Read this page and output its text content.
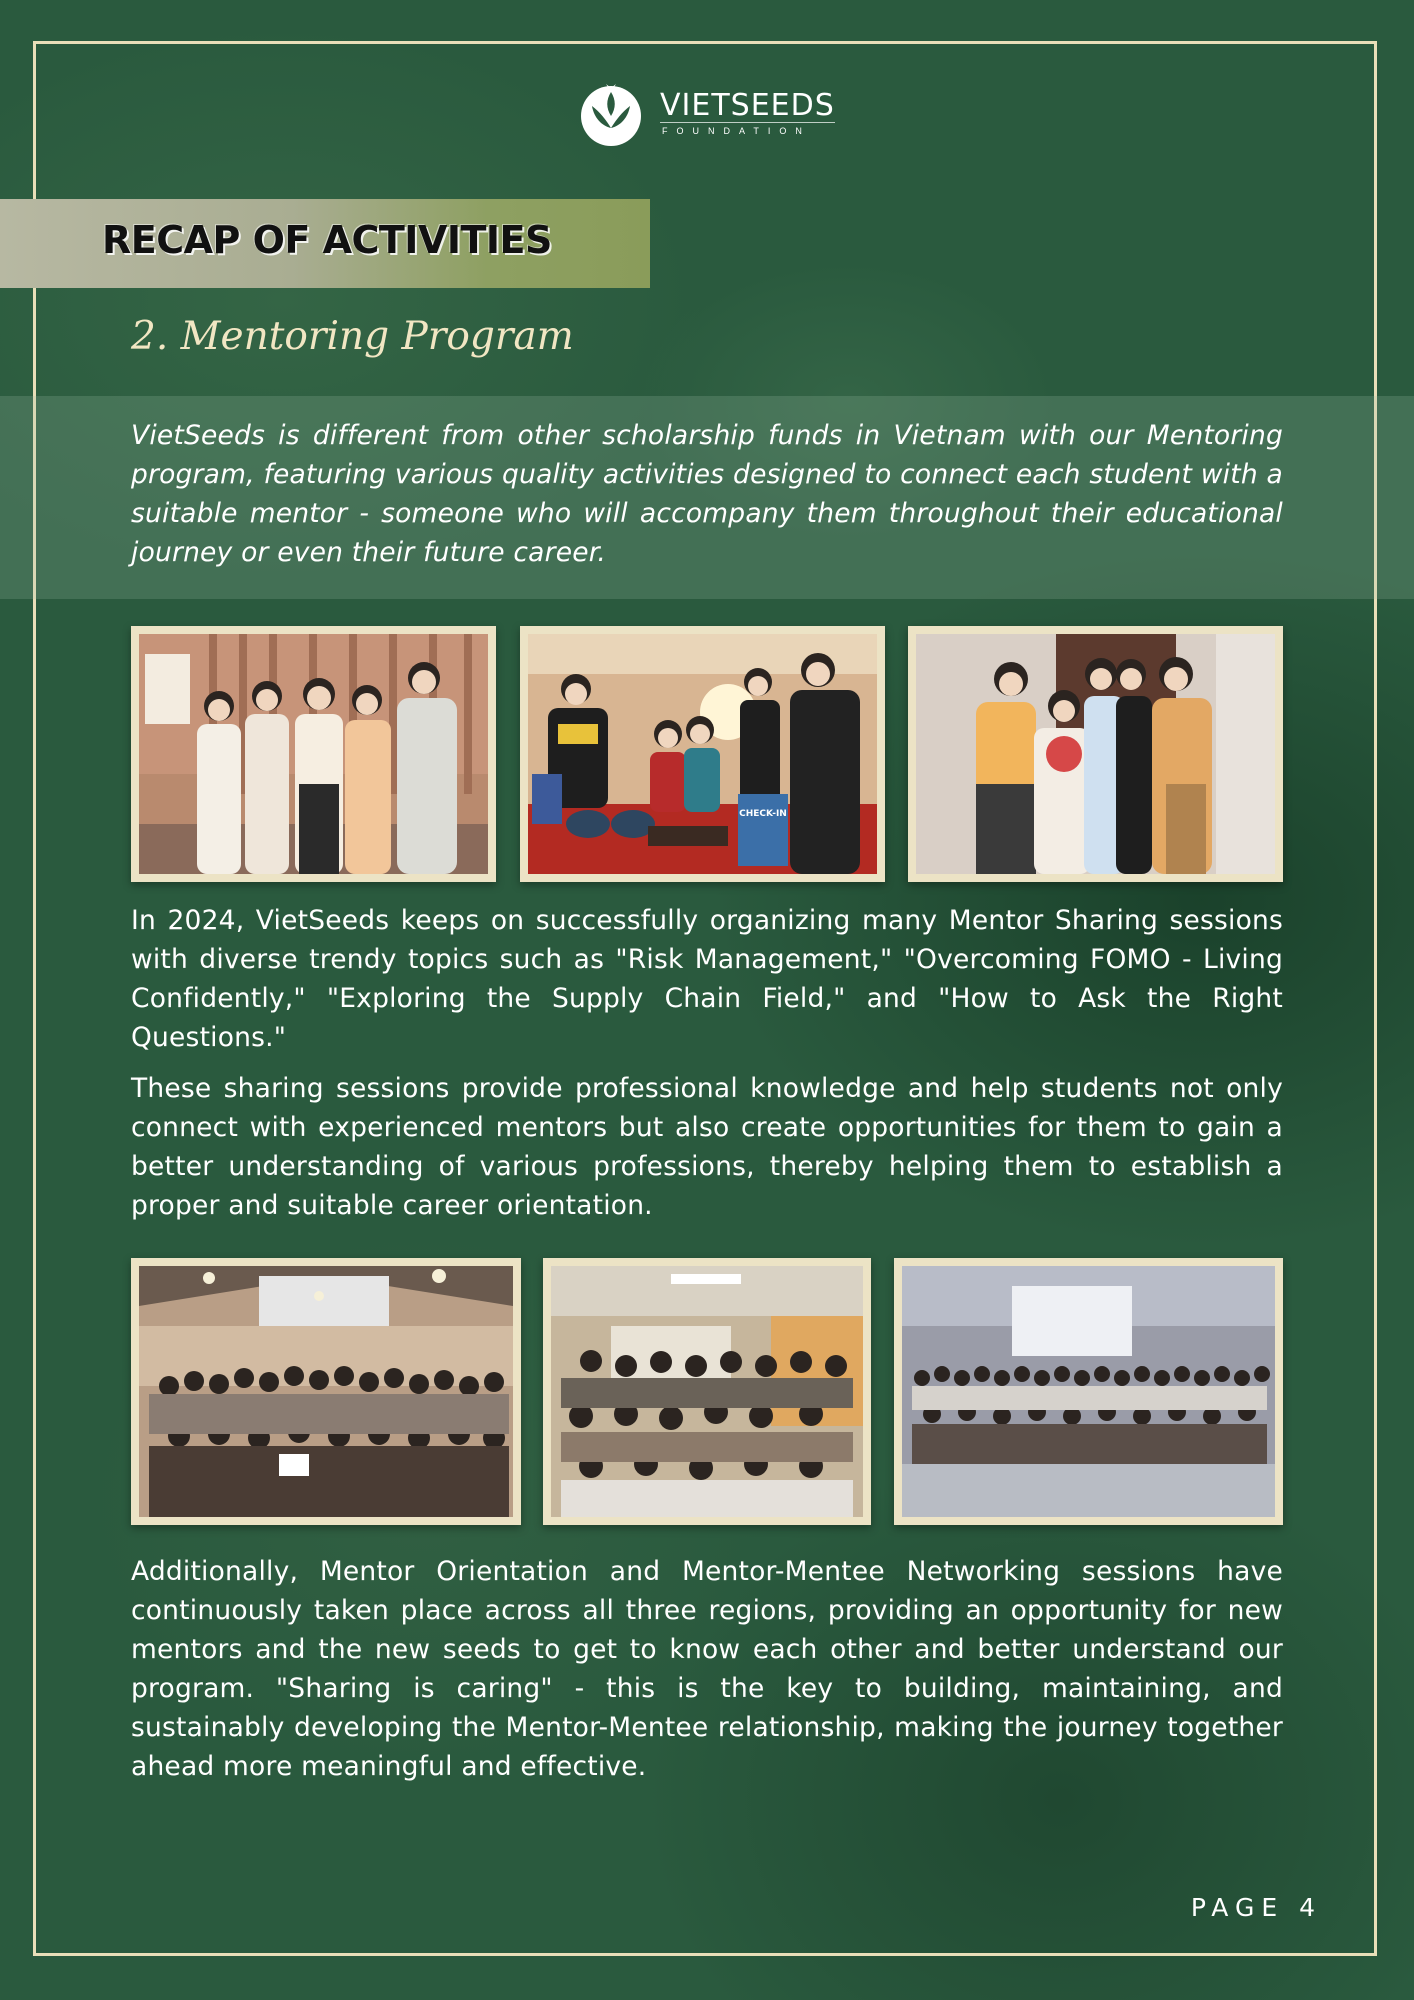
VIETSEEDS
FOUNDATION
RECAP OF ACTIVITIES
2. Mentoring Program

VietSeeds is different from other scholarship funds in Vietnam with our Mentoring program, featuring various quality activities designed to connect each student with a suitable mentor - someone who will accompany them throughout their educational journey or even their future career.

CHECK-IN

In 2024, VietSeeds keeps on successfully organizing many Mentor Sharing sessions with diverse trendy topics such as "Risk Management," "Overcoming FOMO - Living Confidently," "Exploring the Supply Chain Field," and "How to Ask the Right Questions."

These sharing sessions provide professional knowledge and help students not only connect with experienced mentors but also create opportunities for them to gain a better understanding of various professions, thereby helping them to establish a proper and suitable career orientation.

Additionally, Mentor Orientation and Mentor-Mentee Networking sessions have continuously taken place across all three regions, providing an opportunity for new mentors and the new seeds to get to know each other and better understand our program. "Sharing is caring" - this is the key to building, maintaining, and sustainably developing the Mentor-Mentee relationship, making the journey together ahead more meaningful and effective.

PAGE 4
